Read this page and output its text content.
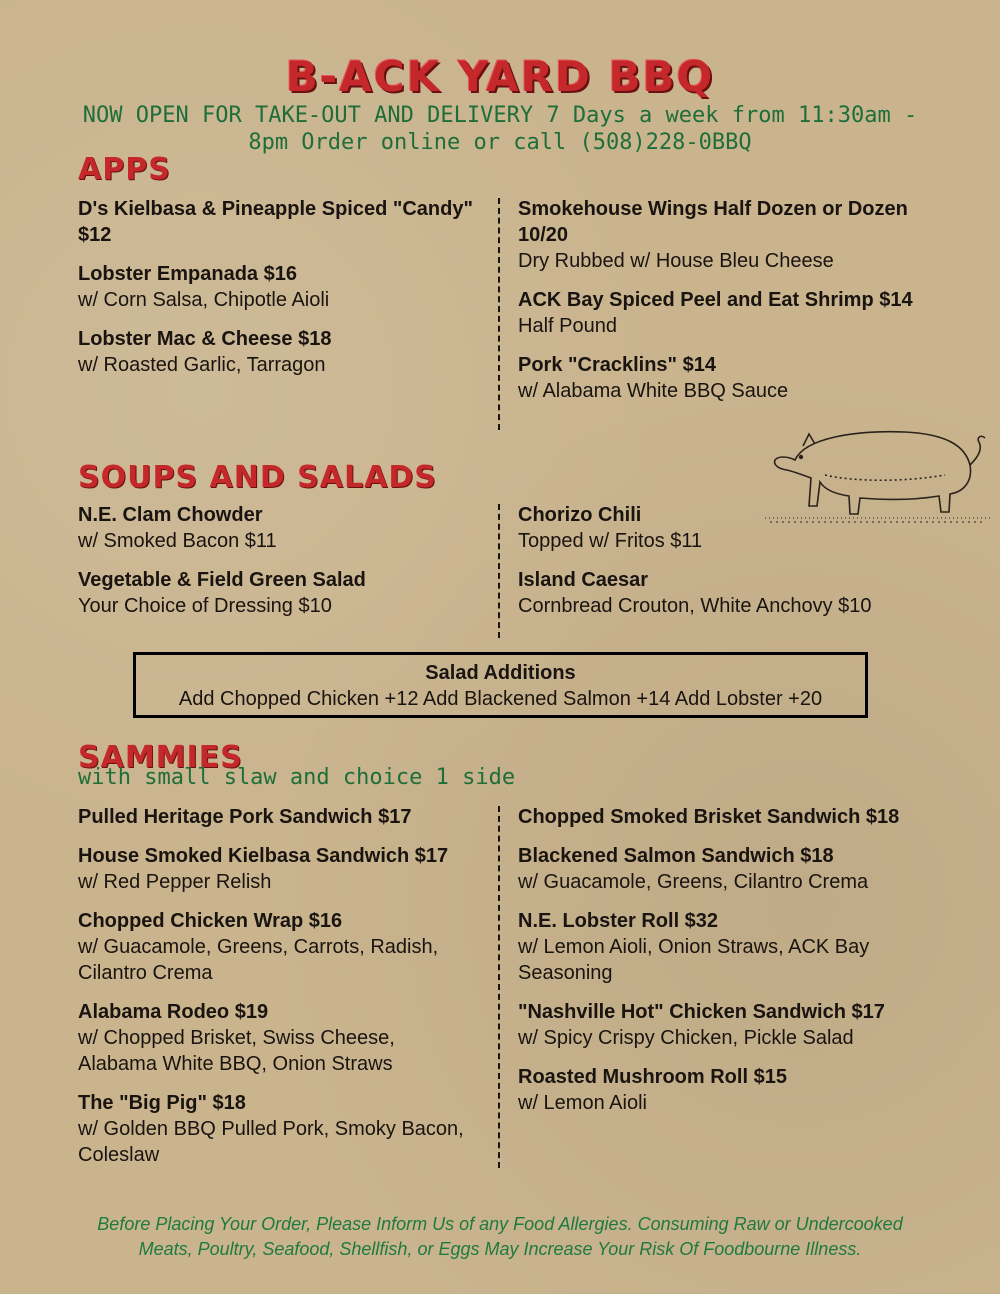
B-ACK YARD BBQ
NOW OPEN FOR TAKE-OUT AND DELIVERY 7 Days a week from 11:30am - 8pm Order online or call (508)228-0BBQ
APPS
D's Kielbasa & Pineapple Spiced "Candy" $12
Lobster Empanada $16
w/ Corn Salsa, Chipotle Aioli
Lobster Mac & Cheese $18
w/ Roasted Garlic, Tarragon
Smokehouse Wings Half Dozen or Dozen 10/20
Dry Rubbed w/ House Bleu Cheese
ACK Bay Spiced Peel and Eat Shrimp $14
Half Pound
Pork "Cracklins" $14
w/ Alabama White BBQ Sauce
SOUPS AND SALADS
N.E. Clam Chowder
w/ Smoked Bacon $11
Vegetable & Field Green Salad
Your Choice of Dressing $10
Chorizo Chili
Topped w/ Fritos $11
Island Caesar
Cornbread Crouton, White Anchovy $10
Salad Additions
Add Chopped Chicken +12 Add Blackened Salmon +14 Add Lobster +20
SAMMIES
with small slaw and choice 1 side
Pulled Heritage Pork Sandwich $17
House Smoked Kielbasa Sandwich $17
w/ Red Pepper Relish
Chopped Chicken Wrap $16
w/ Guacamole, Greens, Carrots, Radish, Cilantro Crema
Alabama Rodeo $19
w/ Chopped Brisket, Swiss Cheese, Alabama White BBQ, Onion Straws
The "Big Pig" $18
w/ Golden BBQ Pulled Pork, Smoky Bacon, Coleslaw
Chopped Smoked Brisket Sandwich $18
Blackened Salmon Sandwich $18
w/ Guacamole, Greens, Cilantro Crema
N.E. Lobster Roll $32
w/ Lemon Aioli, Onion Straws, ACK Bay Seasoning
"Nashville Hot" Chicken Sandwich $17
w/ Spicy Crispy Chicken, Pickle Salad
Roasted Mushroom Roll $15
w/ Lemon Aioli
Before Placing Your Order, Please Inform Us of any Food Allergies. Consuming Raw or Undercooked Meats, Poultry, Seafood, Shellfish, or Eggs May Increase Your Risk Of Foodbourne Illness.
